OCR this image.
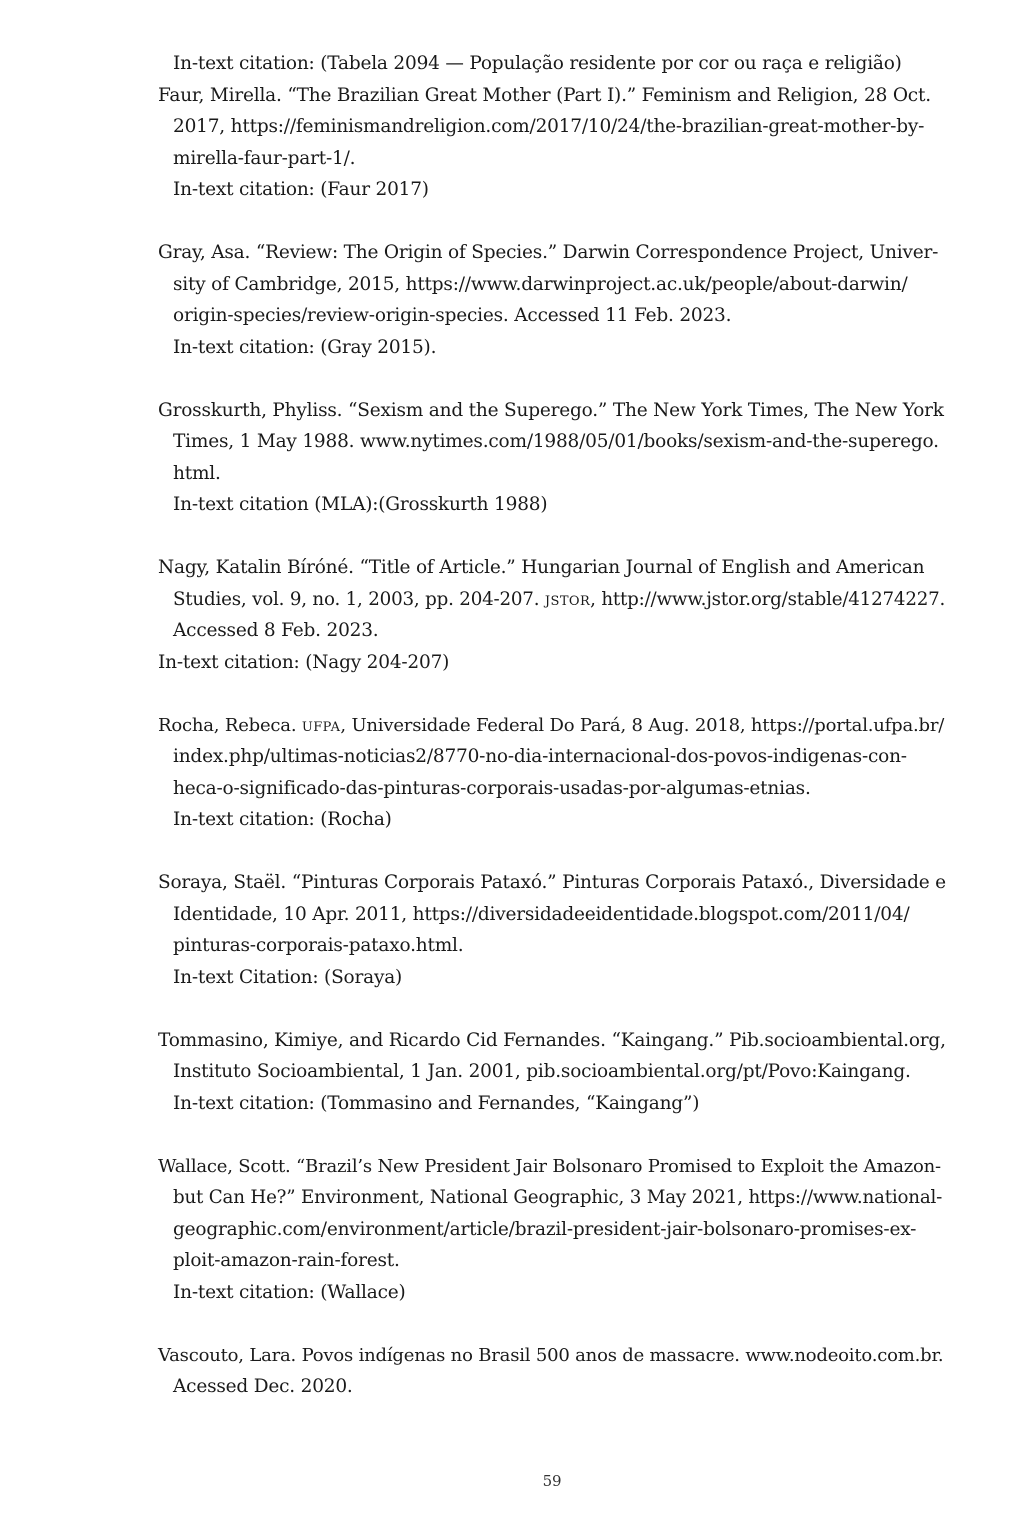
In-text citation: (Tabela 2094 — População residente por cor ou raça e religião)
Faur, Mirella. “The Brazilian Great Mother (Part I).” Feminism and Religion, 28 Oct.
2017, https://feminismandreligion.com/2017/10/24/the-brazilian-great-mother-by-
mirella-faur-part-1/.
In-text citation: (Faur 2017)
Gray, Asa. “Review: The Origin of Species.” Darwin Correspondence Project, Univer-
sity of Cambridge, 2015, https://www.darwinproject.ac.uk/people/about-darwin/
origin-species/review-origin-species. Accessed 11 Feb. 2023.
In-text citation: (Gray 2015).
Grosskurth, Phyliss. “Sexism and the Superego.” The New York Times, The New York
Times, 1 May 1988. www.nytimes.com/1988/05/01/books/sexism-and-the-superego.
html.
In-text citation (MLA):(Grosskurth 1988)
Nagy, Katalin Bíróné. “Title of Article.” Hungarian Journal of English and American
Studies, vol. 9, no. 1, 2003, pp. 204-207. jstor, http://www.jstor.org/stable/41274227.
Accessed 8 Feb. 2023.
In-text citation: (Nagy 204-207)
Rocha, Rebeca. ufpa, Universidade Federal Do Pará, 8 Aug. 2018, https://portal.ufpa.br/
index.php/ultimas-noticias2/8770-no-dia-internacional-dos-povos-indigenas-con-
heca-o-significado-das-pinturas-corporais-usadas-por-algumas-etnias.
In-text citation: (Rocha)
Soraya, Staël. “Pinturas Corporais Pataxó.” Pinturas Corporais Pataxó., Diversidade e
Identidade, 10 Apr. 2011, https://diversidadeeidentidade.blogspot.com/2011/04/
pinturas-corporais-pataxo.html.
In-text Citation: (Soraya)
Tommasino, Kimiye, and Ricardo Cid Fernandes. “Kaingang.” Pib.socioambiental.org,
Instituto Socioambiental, 1 Jan. 2001, pib.socioambiental.org/pt/Povo:Kaingang.
In-text citation: (Tommasino and Fernandes, “Kaingang”)
Wallace, Scott. “Brazil’s New President Jair Bolsonaro Promised to Exploit the Amazon-
but Can He?” Environment, National Geographic, 3 May 2021, https://www.national-
geographic.com/environment/article/brazil-president-jair-bolsonaro-promises-ex-
ploit-amazon-rain-forest.
In-text citation: (Wallace)
Vascouto, Lara. Povos indígenas no Brasil 500 anos de massacre. www.nodeoito.com.br.
Acessed Dec. 2020.
59
